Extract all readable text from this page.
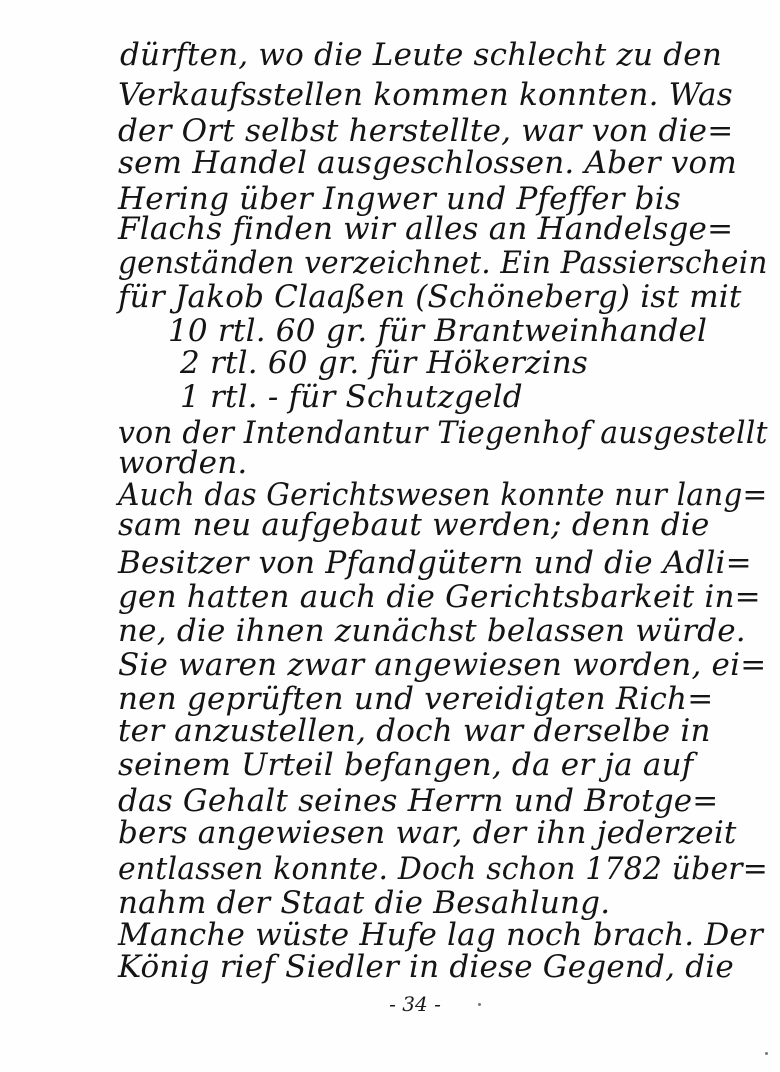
dürften, wo die Leute schlecht zu den
Verkaufsstellen kommen konnten. Was
der Ort selbst herstellte, war von die=
sem Handel ausgeschlossen. Aber vom
Hering über Ingwer und Pfeffer bis
Flachs finden wir alles an Handelsge=
genständen verzeichnet. Ein Passierschein
für Jakob Claaßen (Schöneberg) ist mit
10 rtl. 60 gr. für Brantweinhandel
2 rtl. 60 gr. für Hökerzins
1 rtl. - für Schutzgeld
von der Intendantur Tiegenhof ausgestellt
worden.
Auch das Gerichtswesen konnte nur lang=
sam neu aufgebaut werden; denn die
Besitzer von Pfandgütern und die Adli=
gen hatten auch die Gerichtsbarkeit in=
ne, die ihnen zunächst belassen würde.
Sie waren zwar angewiesen worden, ei=
nen geprüften und vereidigten Rich=
ter anzustellen, doch war derselbe in
seinem Urteil befangen, da er ja auf
das Gehalt seines Herrn und Brotge=
bers angewiesen war, der ihn jederzeit
entlassen konnte. Doch schon 1782 über=
nahm der Staat die Besahlung.
Manche wüste Hufe lag noch brach. Der
König rief Siedler in diese Gegend, die
- 34 -
